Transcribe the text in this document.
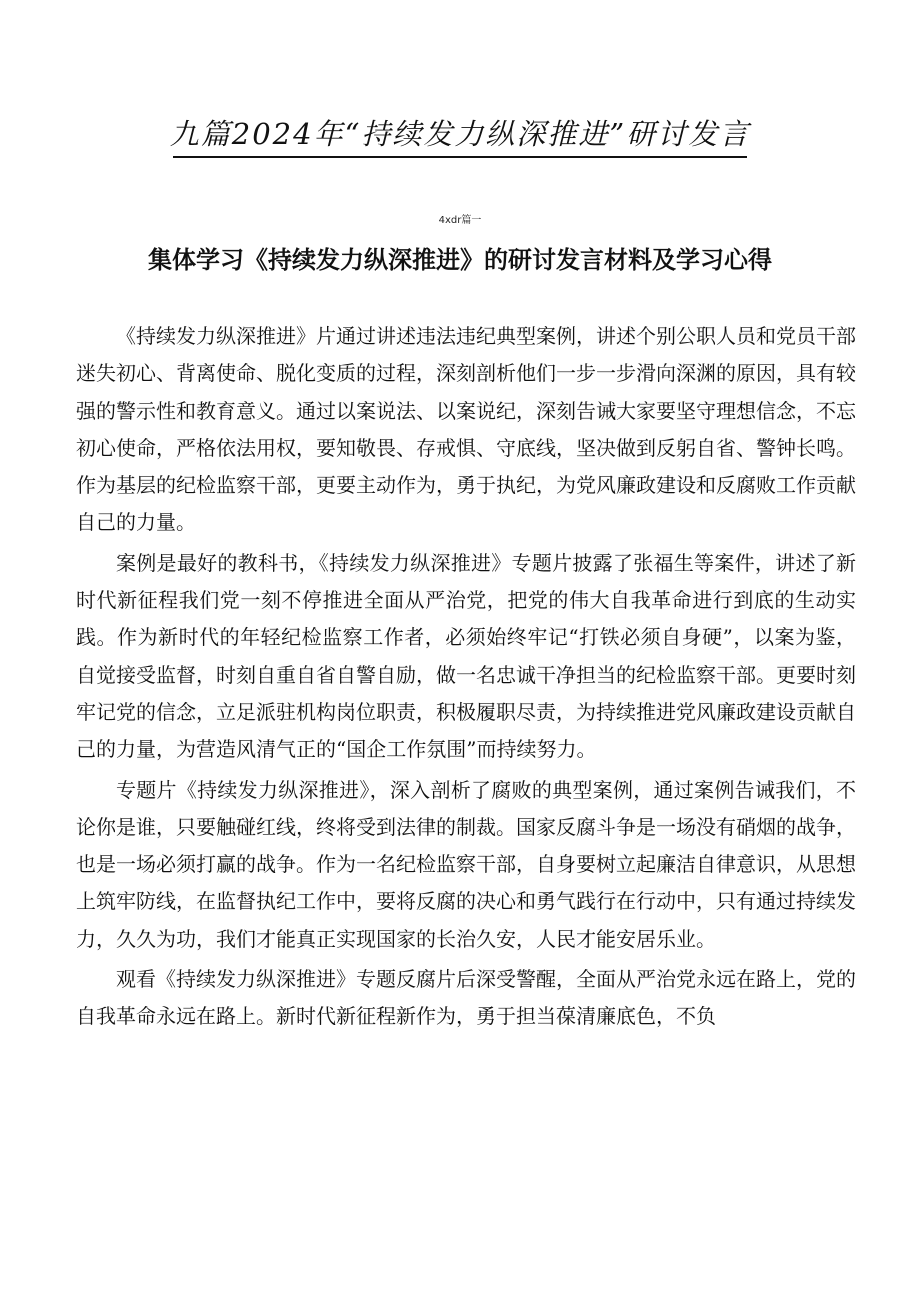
九篇2024年“持续发力纵深推进”研讨发言
4xdr篇一
集体学习《持续发力纵深推进》的研讨发言材料及学习心得

《持续发力纵深推进》片通过讲述违法违纪典型案例，讲述个别公职人员和党员干部迷失初心、背离使命、脱化变质的过程，深刻剖析他们一步一步滑向深渊的原因，具有较强的警示性和教育意义。通过以案说法、以案说纪，深刻告诫大家要坚守理想信念，不忘初心使命，严格依法用权，要知敬畏、存戒惧、守底线，坚决做到反躬自省、警钟长鸣。作为基层的纪检监察干部，更要主动作为，勇于执纪，为党风廉政建设和反腐败工作贡献自己的力量。

案例是最好的教科书，《持续发力纵深推进》专题片披露了张福生等案件，讲述了新时代新征程我们党一刻不停推进全面从严治党，把党的伟大自我革命进行到底的生动实践。作为新时代的年轻纪检监察工作者，必须始终牢记“打铁必须自身硬”，以案为鉴，自觉接受监督，时刻自重自省自警自励，做一名忠诚干净担当的纪检监察干部。更要时刻牢记党的信念，立足派驻机构岗位职责，积极履职尽责，为持续推进党风廉政建设贡献自己的力量，为营造风清气正的“国企工作氛围”而持续努力。

专题片《持续发力纵深推进》，深入剖析了腐败的典型案例，通过案例告诫我们，不论你是谁，只要触碰红线，终将受到法律的制裁。国家反腐斗争是一场没有硝烟的战争，也是一场必须打赢的战争。作为一名纪检监察干部，自身要树立起廉洁自律意识，从思想上筑牢防线，在监督执纪工作中，要将反腐的决心和勇气践行在行动中，只有通过持续发力，久久为功，我们才能真正实现国家的长治久安，人民才能安居乐业。

观看《持续发力纵深推进》专题反腐片后深受警醒，全面从严治党永远在路上，党的自我革命永远在路上。新时代新征程新作为，勇于担当葆清廉底色，不负
